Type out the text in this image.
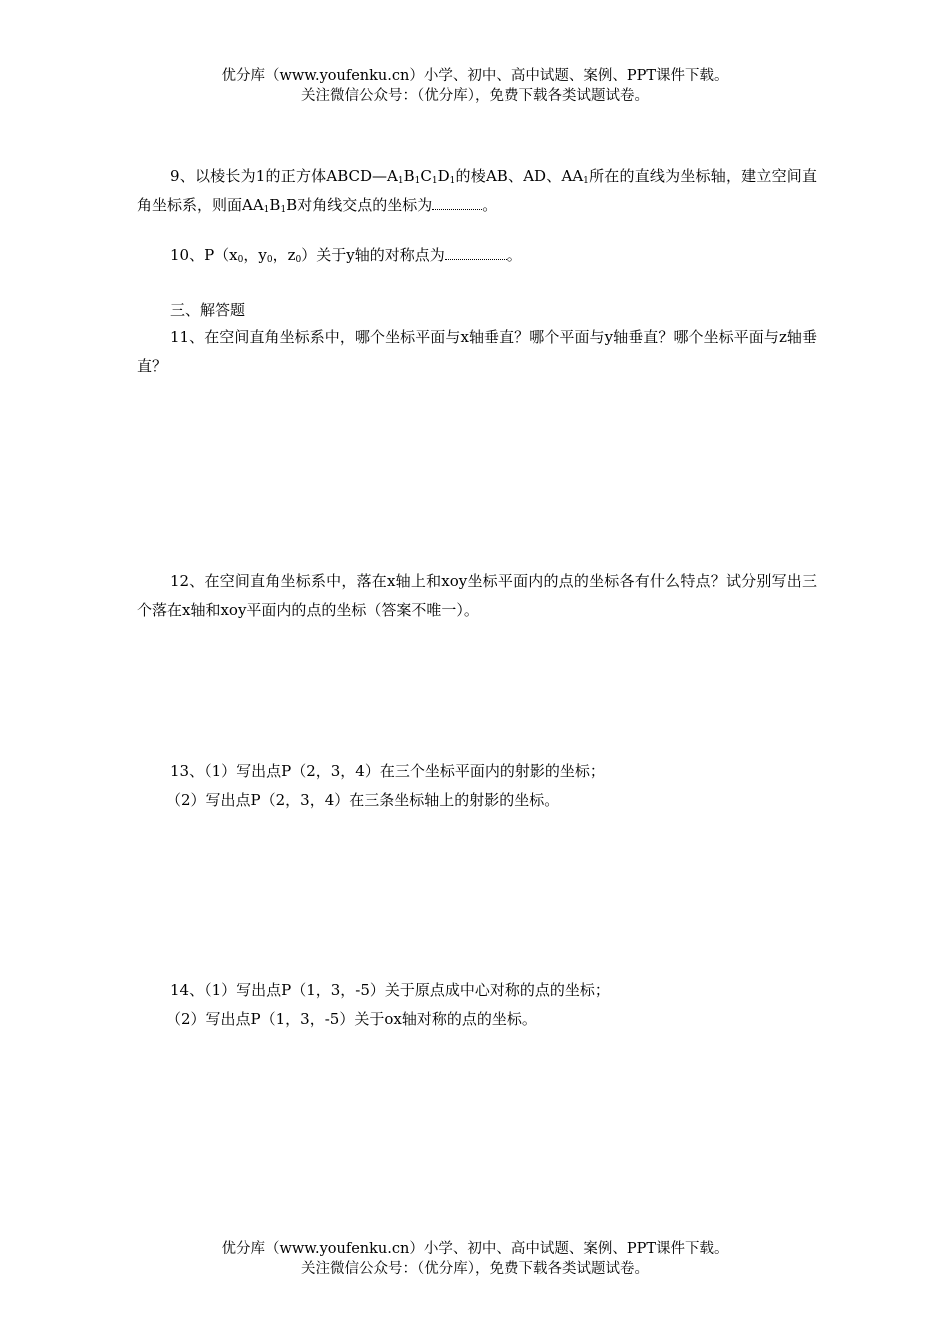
优分库（www.youfenku.cn）小学、初中、高中试题、案例、PPT课件下载。
关注微信公众号：（优分库），免费下载各类试题试卷。
9、以棱长为1的正方体$ABCD—A_1B_1C_1D_1$的棱AB、AD、$AA_1$所在的直线为坐标轴，建立空间直角坐标系，则面$AA_1B_1B$对角线交点的坐标为	。
10、$P(x_0$，$y_0$，$z_0$）关于y轴的对称点为	。
三、解答题
11、在空间直角坐标系中，哪个坐标平面与x轴垂直？哪个平面与y轴垂直？哪个坐标平面与z轴垂直？
12、在空间直角坐标系中，落在x轴上和xoy坐标平面内的点的坐标各有什么特点？试分别写出三个落在x轴和xoy平面内的点的坐标（答案不唯一）。
13、（1）写出点P（2，3，4）在三个坐标平面内的射影的坐标；
（2）写出点P（2，3，4）在三条坐标轴上的射影的坐标。
14、（1）写出点P（1，3，-5）关于原点成中心对称的点的坐标；
（2）写出点P（1，3，-5）关于ox轴对称的点的坐标。
优分库（www.youfenku.cn）小学、初中、高中试题、案例、PPT课件下载。
关注微信公众号：（优分库），免费下载各类试题试卷。
